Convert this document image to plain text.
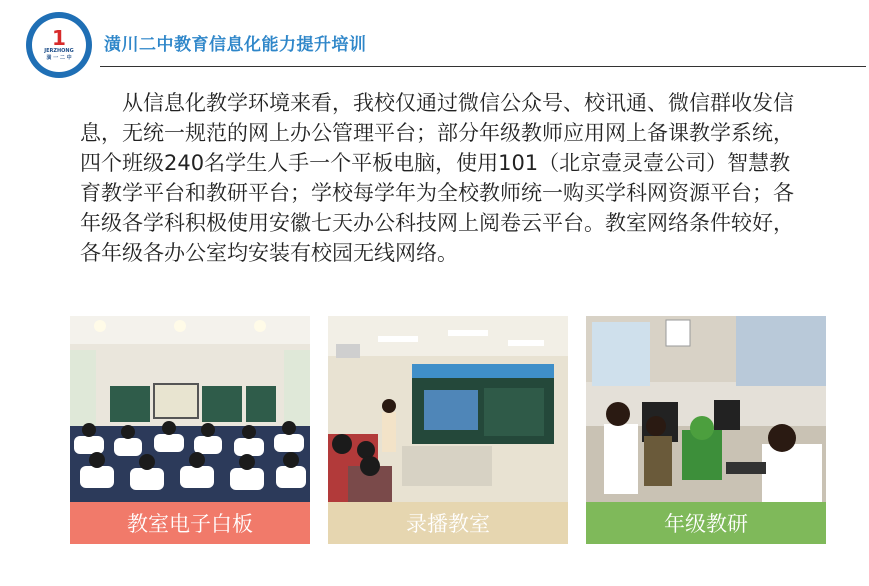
1
JERZHONG
潢 一 二 中
潢川二中教育信息化能力提升培训
从信息化教学环境来看，我校仅通过微信公众号、校讯通、微信群收发信息，无统一规范的网上办公管理平台；部分年级教师应用网上备课教学系统，四个班级240名学生人手一个平板电脑，使用101（北京壹灵壹公司）智慧教育教学平台和教研平台；学校每学年为全校教师统一购买学科网资源平台；各年级各学科积极使用安徽七天办公科技网上阅卷云平台。教室网络条件较好，各年级各办公室均安装有校园无线网络。
教室电子白板	录播教室	年级教研
